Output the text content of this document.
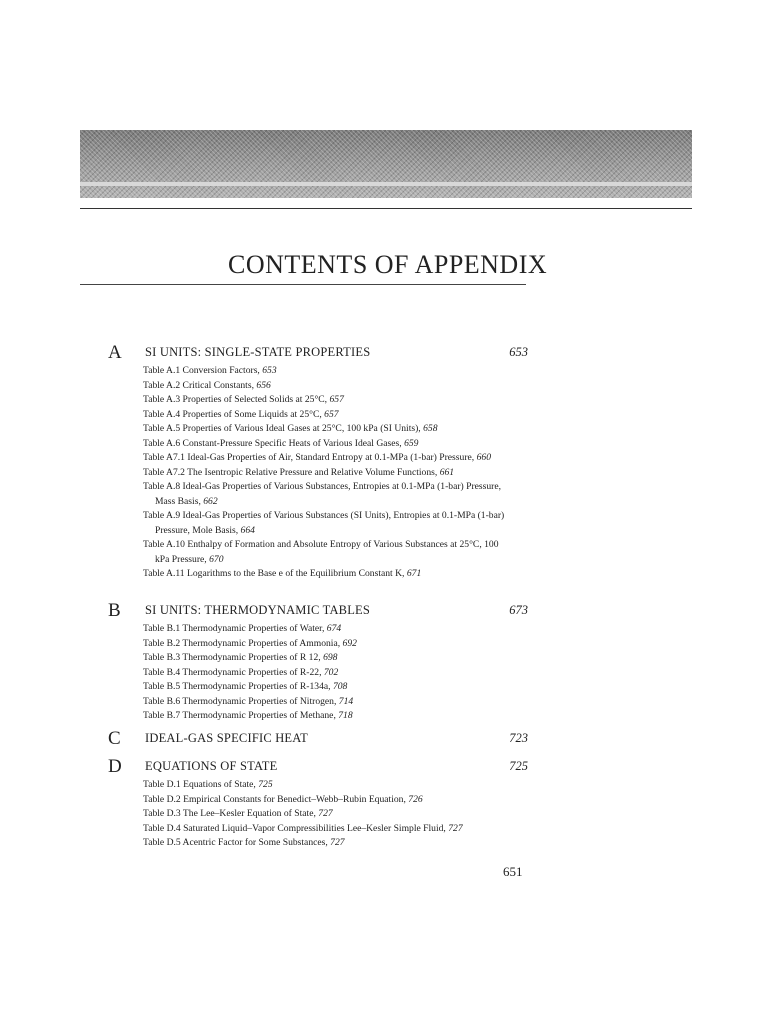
CONTENTS OF APPENDIX
A SI UNITS: SINGLE-STATE PROPERTIES	653
Table A.1 Conversion Factors, 653
Table A.2 Critical Constants, 656
Table A.3 Properties of Selected Solids at 25°C, 657
Table A.4 Properties of Some Liquids at 25°C, 657
Table A.5 Properties of Various Ideal Gases at 25°C, 100 kPa (SI Units), 658
Table A.6 Constant-Pressure Specific Heats of Various Ideal Gases, 659
Table A7.1 Ideal-Gas Properties of Air, Standard Entropy at 0.1-MPa (1-bar) Pressure, 660
Table A7.2 The Isentropic Relative Pressure and Relative Volume Functions, 661
Table A.8 Ideal-Gas Properties of Various Substances, Entropies at 0.1-MPa (1-bar) Pressure, Mass Basis, 662
Table A.9 Ideal-Gas Properties of Various Substances (SI Units), Entropies at 0.1-MPa (1-bar) Pressure, Mole Basis, 664
Table A.10 Enthalpy of Formation and Absolute Entropy of Various Substances at 25°C, 100 kPa Pressure, 670
Table A.11 Logarithms to the Base e of the Equilibrium Constant K, 671
B SI UNITS: THERMODYNAMIC TABLES	673
Table B.1 Thermodynamic Properties of Water, 674
Table B.2 Thermodynamic Properties of Ammonia, 692
Table B.3 Thermodynamic Properties of R 12, 698
Table B.4 Thermodynamic Properties of R-22, 702
Table B.5 Thermodynamic Properties of R-134a, 708
Table B.6 Thermodynamic Properties of Nitrogen, 714
Table B.7 Thermodynamic Properties of Methane, 718
C IDEAL-GAS SPECIFIC HEAT	723
D EQUATIONS OF STATE	725
Table D.1 Equations of State, 725
Table D.2 Empirical Constants for Benedict–Webb–Rubin Equation, 726
Table D.3 The Lee–Kesler Equation of State, 727
Table D.4 Saturated Liquid–Vapor Compressibilities Lee–Kesler Simple Fluid, 727
Table D.5 Acentric Factor for Some Substances, 727
651
